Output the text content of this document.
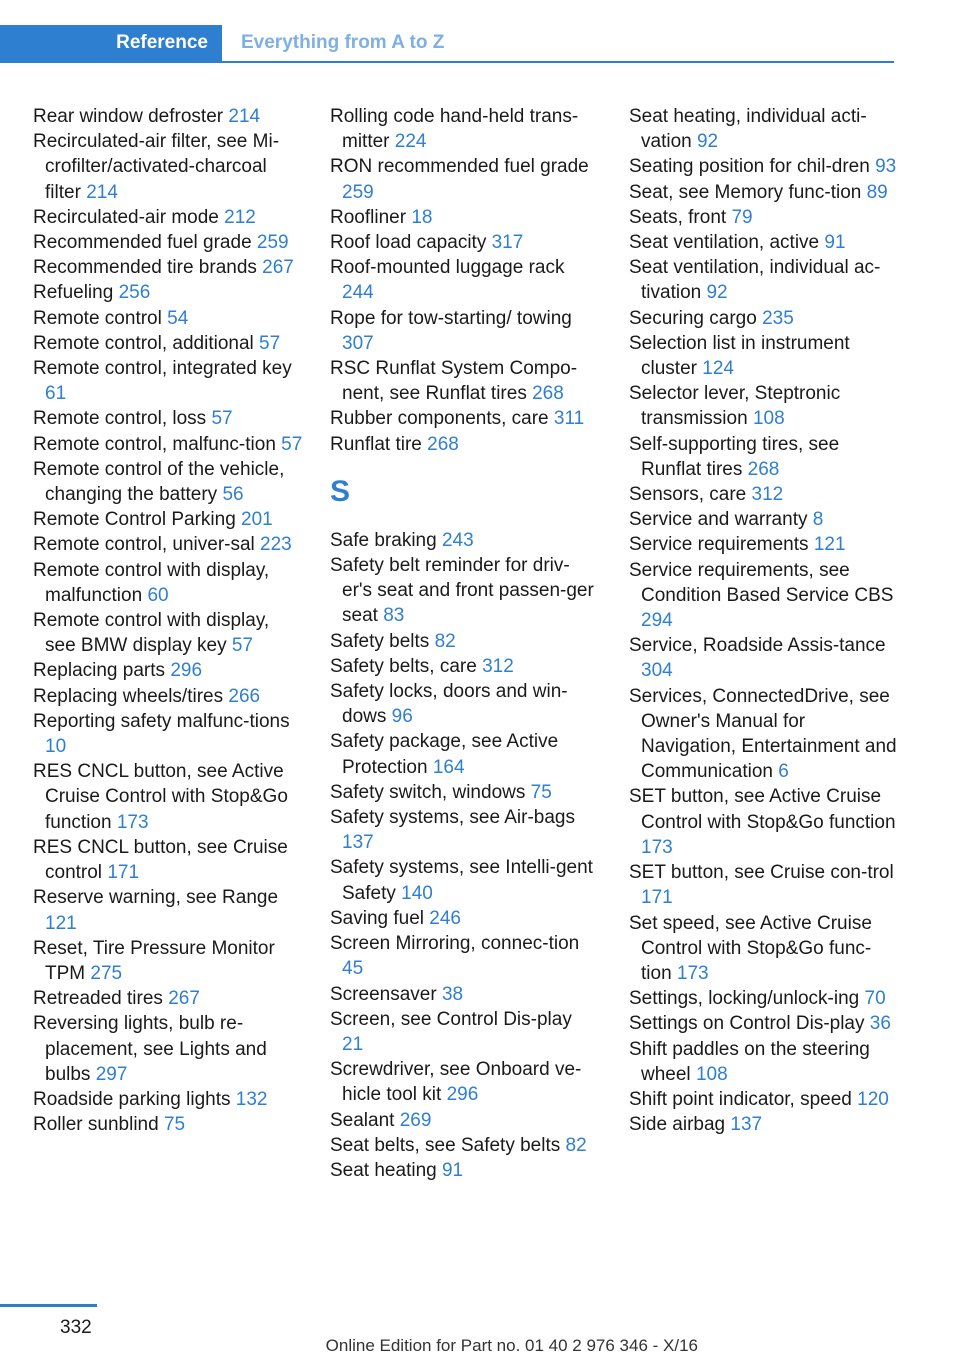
Reference	Everything from A to Z
Rear window defroster 214
Recirculated-air filter, see Mi-crofilter/activated-charcoal filter 214
Recirculated-air mode 212
Recommended fuel grade 259
Recommended tire brands 267
Refueling 256
Remote control 54
Remote control, additional 57
Remote control, integrated key 61
Remote control, loss 57
Remote control, malfunc-tion 57
Remote control of the vehicle, changing the battery 56
Remote Control Parking 201
Remote control, univer-sal 223
Remote control with display, malfunction 60
Remote control with display, see BMW display key 57
Replacing parts 296
Replacing wheels/tires 266
Reporting safety malfunc-tions 10
RES CNCL button, see Active Cruise Control with Stop&Go function 173
RES CNCL button, see Cruise control 171
Reserve warning, see Range 121
Reset, Tire Pressure Monitor TPM 275
Retreaded tires 267
Reversing lights, bulb re-placement, see Lights and bulbs 297
Roadside parking lights 132
Roller sunblind 75
Rolling code hand-held trans-mitter 224
RON recommended fuel grade 259
Roofliner 18
Roof load capacity 317
Roof-mounted luggage rack 244
Rope for tow-starting/ towing 307
RSC Runflat System Compo-nent, see Runflat tires 268
Rubber components, care 311
Runflat tire 268
S
Safe braking 243
Safety belt reminder for driv-er's seat and front passen-ger seat 83
Safety belts 82
Safety belts, care 312
Safety locks, doors and win-dows 96
Safety package, see Active Protection 164
Safety switch, windows 75
Safety systems, see Air-bags 137
Safety systems, see Intelli-gent Safety 140
Saving fuel 246
Screen Mirroring, connec-tion 45
Screensaver 38
Screen, see Control Dis-play 21
Screwdriver, see Onboard ve-hicle tool kit 296
Sealant 269
Seat belts, see Safety belts 82
Seat heating 91
Seat heating, individual acti-vation 92
Seating position for chil-dren 93
Seat, see Memory func-tion 89
Seats, front 79
Seat ventilation, active 91
Seat ventilation, individual ac-tivation 92
Securing cargo 235
Selection list in instrument cluster 124
Selector lever, Steptronic transmission 108
Self-supporting tires, see Runflat tires 268
Sensors, care 312
Service and warranty 8
Service requirements 121
Service requirements, see Condition Based Service CBS 294
Service, Roadside Assis-tance 304
Services, ConnectedDrive, see Owner's Manual for Navigation, Entertainment and Communication 6
SET button, see Active Cruise Control with Stop&Go function 173
SET button, see Cruise con-trol 171
Set speed, see Active Cruise Control with Stop&Go func-tion 173
Settings, locking/unlock-ing 70
Settings on Control Dis-play 36
Shift paddles on the steering wheel 108
Shift point indicator, speed 120
Side airbag 137
332
Online Edition for Part no. 01 40 2 976 346 - X/16
